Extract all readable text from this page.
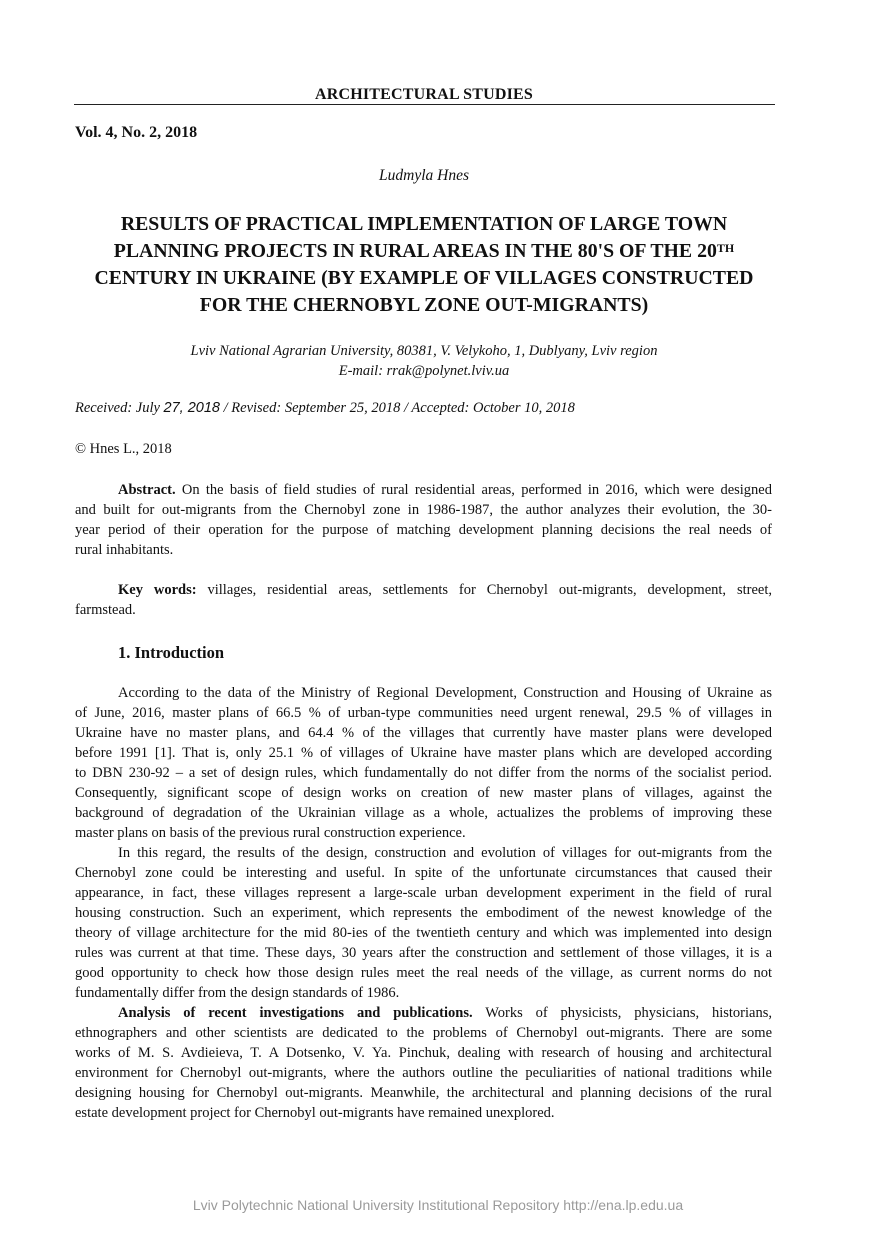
ARCHITECTURAL STUDIES
Vol. 4, No. 2, 2018
Ludmyla Hnes
RESULTS OF PRACTICAL IMPLEMENTATION OF LARGE TOWN
PLANNING PROJECTS IN RURAL AREAS IN THE 80'S OF THE 20TH
CENTURY IN UKRAINE (BY EXAMPLE OF VILLAGES CONSTRUCTED
FOR THE CHERNOBYL ZONE OUT-MIGRANTS)
Lviv National Agrarian University, 80381, V. Velykoho, 1, Dublyany, Lviv region
E-mail: rrak@polynet.lviv.ua
Received: July 27, 2018 / Revised: September 25, 2018 / Accepted: October 10, 2018
© Hnes L., 2018
Abstract. On the basis of field studies of rural residential areas, performed in 2016, which were designed
and built for out-migrants from the Chernobyl zone in 1986-1987, the author analyzes their evolution, the 30-
year period of their operation for the purpose of matching development planning decisions the real needs of
rural inhabitants.
Key words: villages, residential areas, settlements for Chernobyl out-migrants, development, street,
farmstead.
1. Introduction
According to the data of the Ministry of Regional Development, Construction and Housing of Ukraine as
of June, 2016, master plans of 66.5 % of urban-type communities need urgent renewal, 29.5 % of villages in
Ukraine have no master plans, and 64.4 % of the villages that currently have master plans were developed
before 1991 [1]. That is, only 25.1 % of villages of Ukraine have master plans which are developed according
to DBN 230-92 – a set of design rules, which fundamentally do not differ from the norms of the socialist period.
Consequently, significant scope of design works on creation of new master plans of villages, against the
background of degradation of the Ukrainian village as a whole, actualizes the problems of improving these
master plans on basis of the previous rural construction experience.
In this regard, the results of the design, construction and evolution of villages for out-migrants from the
Chernobyl zone could be interesting and useful. In spite of the unfortunate circumstances that caused their
appearance, in fact, these villages represent a large-scale urban development experiment in the field of rural
housing construction. Such an experiment, which represents the embodiment of the newest knowledge of the
theory of village architecture for the mid 80-ies of the twentieth century and which was implemented into design
rules was current at that time. These days, 30 years after the construction and settlement of those villages, it is a
good opportunity to check how those design rules meet the real needs of the village, as current norms do not
fundamentally differ from the design standards of 1986.
Analysis of recent investigations and publications. Works of physicists, physicians, historians,
ethnographers and other scientists are dedicated to the problems of Chernobyl out-migrants. There are some
works of M. S. Avdieieva, T. A Dotsenko, V. Ya. Pinchuk, dealing with research of housing and architectural
environment for Chernobyl out-migrants, where the authors outline the peculiarities of national traditions while
designing housing for Chernobyl out-migrants. Meanwhile, the architectural and planning decisions of the rural
estate development project for Chernobyl out-migrants have remained unexplored.
Lviv Polytechnic National University Institutional Repository http://ena.lp.edu.ua
